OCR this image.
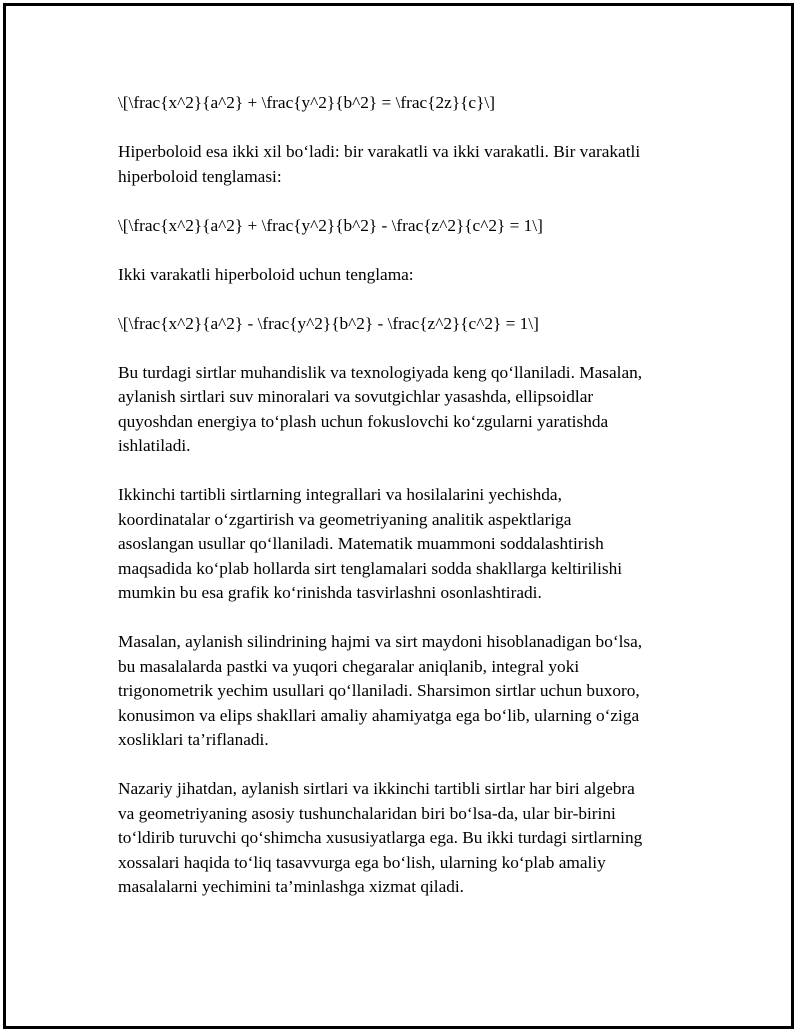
\[\frac{x^2}{a^2} + \frac{y^2}{b^2} = \frac{2z}{c}\]

Hiperboloid esa ikki xil bo‘ladi: bir varakatli va ikki varakatli. Bir varakatli
hiperboloid tenglamasi:

\[\frac{x^2}{a^2} + \frac{y^2}{b^2} - \frac{z^2}{c^2} = 1\]

Ikki varakatli hiperboloid uchun tenglama:

\[\frac{x^2}{a^2} - \frac{y^2}{b^2} - \frac{z^2}{c^2} = 1\]

Bu turdagi sirtlar muhandislik va texnologiyada keng qo‘llaniladi. Masalan,
aylanish sirtlari suv minoralari va sovutgichlar yasashda, ellipsoidlar
quyoshdan energiya to‘plash uchun fokuslovchi ko‘zgularni yaratishda
ishlatiladi.

Ikkinchi tartibli sirtlarning integrallari va hosilalarini yechishda,
koordinatalar o‘zgartirish va geometriyaning analitik aspektlariga
asoslangan usullar qo‘llaniladi. Matematik muammoni soddalashtirish
maqsadida ko‘plab hollarda sirt tenglamalari sodda shakllarga keltirilishi
mumkin bu esa grafik ko‘rinishda tasvirlashni osonlashtiradi.

Masalan, aylanish silindrining hajmi va sirt maydoni hisoblanadigan bo‘lsa,
bu masalalarda pastki va yuqori chegaralar aniqlanib, integral yoki
trigonometrik yechim usullari qo‘llaniladi. Sharsimon sirtlar uchun buxoro,
konusimon va elips shakllari amaliy ahamiyatga ega bo‘lib, ularning o‘ziga
xosliklari ta’riflanadi.

Nazariy jihatdan, aylanish sirtlari va ikkinchi tartibli sirtlar har biri algebra
va geometriyaning asosiy tushunchalaridan biri bo‘lsa-da, ular bir-birini
to‘ldirib turuvchi qo‘shimcha xususiyatlarga ega. Bu ikki turdagi sirtlarning
xossalari haqida to‘liq tasavvurga ega bo‘lish, ularning ko‘plab amaliy
masalalarni yechimini ta’minlashga xizmat qiladi.
